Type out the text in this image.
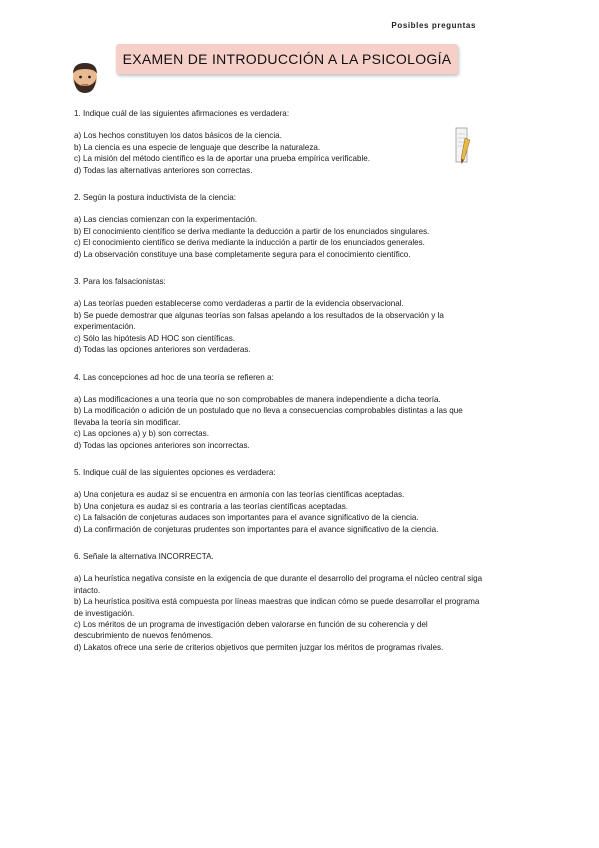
Posibles preguntas
EXAMEN DE INTRODUCCIÓN A LA PSICOLOGÍA
1. Indique cuál de las siguientes afirmaciones es verdadera:
a) Los hechos constituyen los datos básicos de la ciencia.
b) La ciencia es una especie de lenguaje que describe la naturaleza.
c) La misión del método científico es la de aportar una prueba empírica verificable.
d) Todas las alternativas anteriores son correctas.
2. Según la postura inductivista de la ciencia:
a) Las ciencias comienzan con la experimentación.
b) El conocimiento científico se deriva mediante la deducción a partir de los enunciados singulares.
c) El conocimiento científico se deriva mediante la inducción a partir de los enunciados generales.
d) La observación constituye una base completamente segura para el conocimiento científico.
3. Para los falsacionistas:
a) Las teorías pueden establecerse como verdaderas a partir de la evidencia observacional.
b) Se puede demostrar que algunas teorías son falsas apelando a los resultados de la observación y la experimentación.
c) Sólo las hipótesis AD HOC son científicas.
d) Todas las opciones anteriores son verdaderas.
4. Las concepciones ad hoc de una teoría se refieren a:
a) Las modificaciones a una teoría que no son comprobables de manera independiente a dicha teoría.
b) La modificación o adición de un postulado que no lleva a consecuencias comprobables distintas a las que llevaba la teoría sin modificar.
c) Las opciones a) y b) son correctas.
d) Todas las opciones anteriores son incorrectas.
5. Indique cuál de las siguientes opciones es verdadera:
a) Una conjetura es audaz si se encuentra en armonía con las teorías científicas aceptadas.
b) Una conjetura es audaz si es contraria a las teorías científicas aceptadas.
c) La falsación de conjeturas audaces son importantes para el avance significativo de la ciencia.
d) La confirmación de conjeturas prudentes son importantes para el avance significativo de la ciencia.
6. Señale la alternativa INCORRECTA.
a) La heurística negativa consiste en la exigencia de que durante el desarrollo del programa el núcleo central siga intacto.
b) La heurística positiva está compuesta por líneas maestras que indican cómo se puede desarrollar el programa de investigación.
c) Los méritos de un programa de investigación deben valorarse en función de su coherencia y del descubrimiento de nuevos fenómenos.
d) Lakatos ofrece una serie de criterios objetivos que permiten juzgar los méritos de programas rivales.
